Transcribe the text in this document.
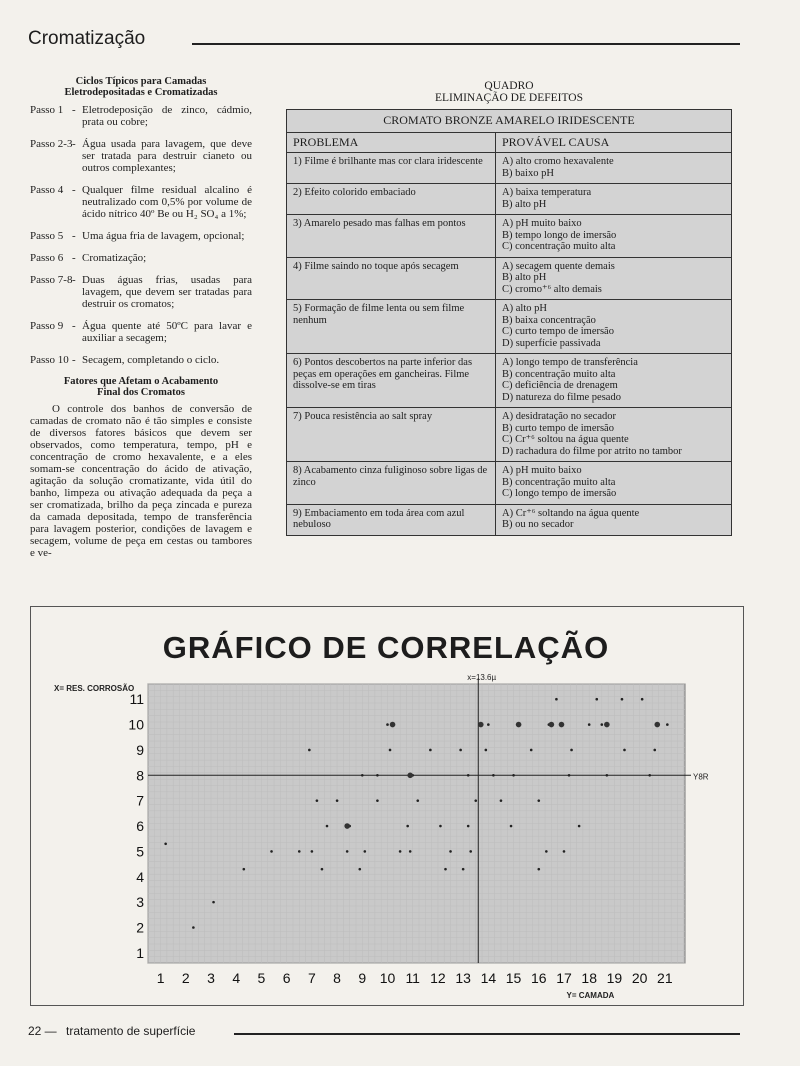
Cromatização
Ciclos Típicos para Camadas
Eletrodepositadas e Cromatizadas
Passo 1 - Eletrodeposição de zinco, cádmio, prata ou cobre;
Passo 2-3 - Água usada para lavagem, que deve ser tratada para destruir cianeto ou outros complexantes;
Passo 4 - Qualquer filme residual alcalino é neutralizado com 0,5% por volume de ácido nítrico 40º Be ou H₂ SO₄ a 1%;
Passo 5 - Uma água fria de lavagem, opcional;
Passo 6 - Cromatização;
Passo 7-8 - Duas águas frias, usadas para lavagem, que devem ser tratadas para destruir os cromatos;
Passo 9 - Água quente até 50ºC para lavar e auxiliar a secagem;
Passo 10 - Secagem, completando o ciclo.
Fatores que Afetam o Acabamento
Final dos Cromatos
O controle dos banhos de conversão de camadas de cromato não é tão simples e consiste de diversos fatores básicos que devem ser observados, como temperatura, tempo, pH e concentração de cromo hexavalente, e a eles somam-se concentração do ácido de ativação, agitação da solução cromatizante, vida útil do banho, limpeza ou ativação adequada da peça a ser cromatizada, brilho da peça zincada e pureza da camada depositada, tempo de transferência para lavagem posterior, condições de lavagem e secagem, volume de peça em cestas ou tambores e ve-
QUADRO
ELIMINAÇÃO DE DEFEITOS
CROMATO BRONZE AMARELO IRIDESCENTE	
PROBLEMA	PROVÁVEL CAUSA
1) Filme é brilhante mas cor clara iridescente	A) alto cromo hexavalente
B) baixo pH

2) Efeito colorido embaciado	A) baixa temperatura
B) alto pH

3) Amarelo pesado mas falhas em pontos	A) pH muito baixo
B) tempo longo de imersão
C) concentração muito alta

4) Filme saindo no toque após secagem	A) secagem quente demais
B) alto pH
C) cromo⁺⁶ alto demais

5) Formação de filme lenta ou sem filme nenhum	A) alto pH
B) baixa concentração
C) curto tempo de imersão
D) superfície passivada

6) Pontos descobertos na parte inferior das peças em operações em gancheiras. Filme dissolve-se em tiras	A) longo tempo de transferência
B) concentração muito alta
C) deficiência de drenagem
D) natureza do filme pesado

7) Pouca resistência ao salt spray	A) desidratação no secador
B) curto tempo de imersão
C) Cr⁺⁶ soltou na água quente
D) rachadura do filme por atrito no tambor

8) Acabamento cinza fuliginoso sobre ligas de zinco	A) pH muito baixo
B) concentração muito alta
C) longo tempo de imersão

9) Embaciamento em toda área com azul nebuloso	A) Cr⁺⁶ soltando na água quente
B) ou no secador
GRÁFICO DE CORRELAÇÃO
x=13.6µ
Y8R
X= RES. CORROSÃO
Y= CAMADA
1
2
3
4
5
6
7
8
9
10
11
1 2 3 4 5 6 7 8 9 10 11 12 13 14 15 16 17 18 19 20 21
22 — tratamento de superfície
